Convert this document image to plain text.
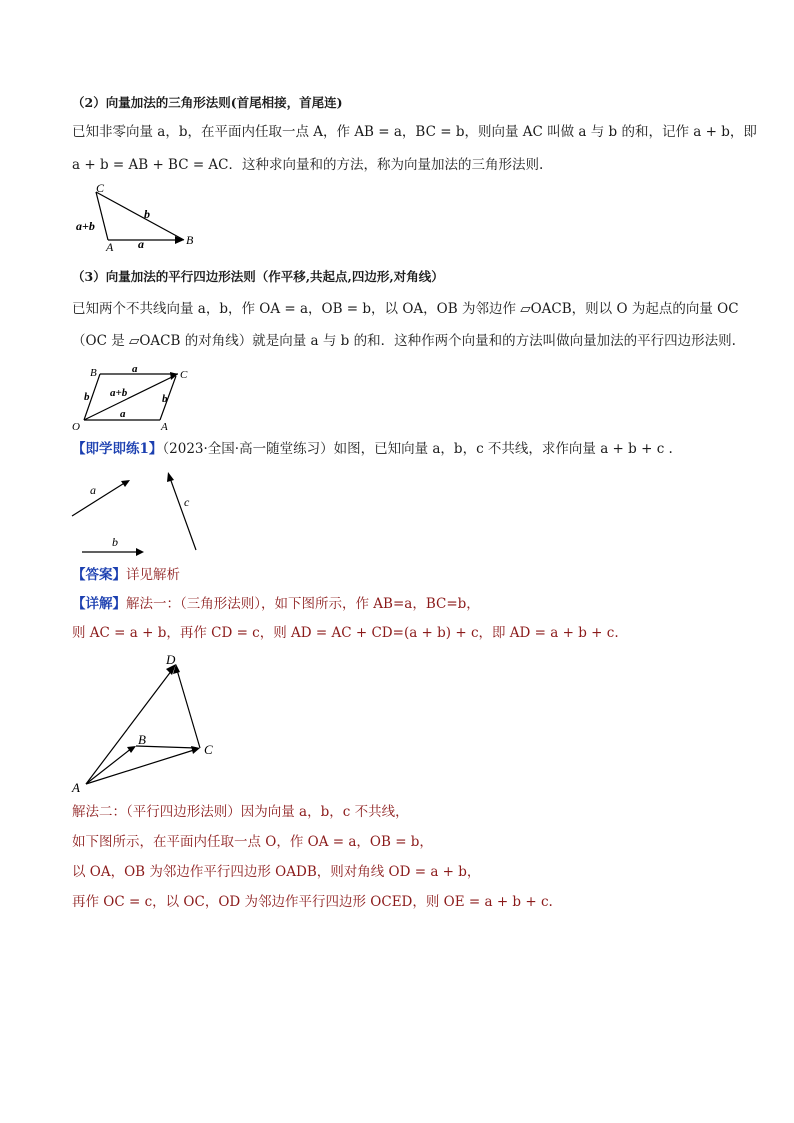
（2）向量加法的三角形法则(首尾相接，首尾连)
已知非零向量 a，b，在平面内任取一点 A，作 AB = a，BC = b，则向量 AC 叫做 a 与 b 的和，记作 a + b，即
a + b = AB + BC = AC．这种求向量和的方法，称为向量加法的三角形法则.
C
A	B
b
a
a+b
（3）向量加法的平行四边形法则（作平移,共起点,四边形,对角线）
已知两个不共线向量 a，b，作 OA = a，OB = b，以 OA，OB 为邻边作 ▱OACB，则以 O 为起点的向量 OC
（OC 是 ▱OACB 的对角线）就是向量 a 与 b 的和．这种作两个向量和的方法叫做向量加法的平行四边形法则.
B	C
O	A
a
a
b	b
a+b
【即学即练1】（2023·全国·高一随堂练习）如图，已知向量 a，b，c 不共线，求作向量 a + b + c .
a
b
c
【答案】详见解析
【详解】解法一：（三角形法则），如下图所示，作 AB=a，BC=b，
则 AC = a + b，再作 CD = c，则 AD = AC + CD=(a + b) + c，即 AD = a + b + c.
A
B
C
D
解法二：（平行四边形法则）因为向量 a，b，c 不共线，
如下图所示，在平面内任取一点 O，作 OA = a，OB = b，
以 OA，OB 为邻边作平行四边形 OADB，则对角线 OD = a + b，
再作 OC = c，以 OC，OD 为邻边作平行四边形 OCED，则 OE = a + b + c.
